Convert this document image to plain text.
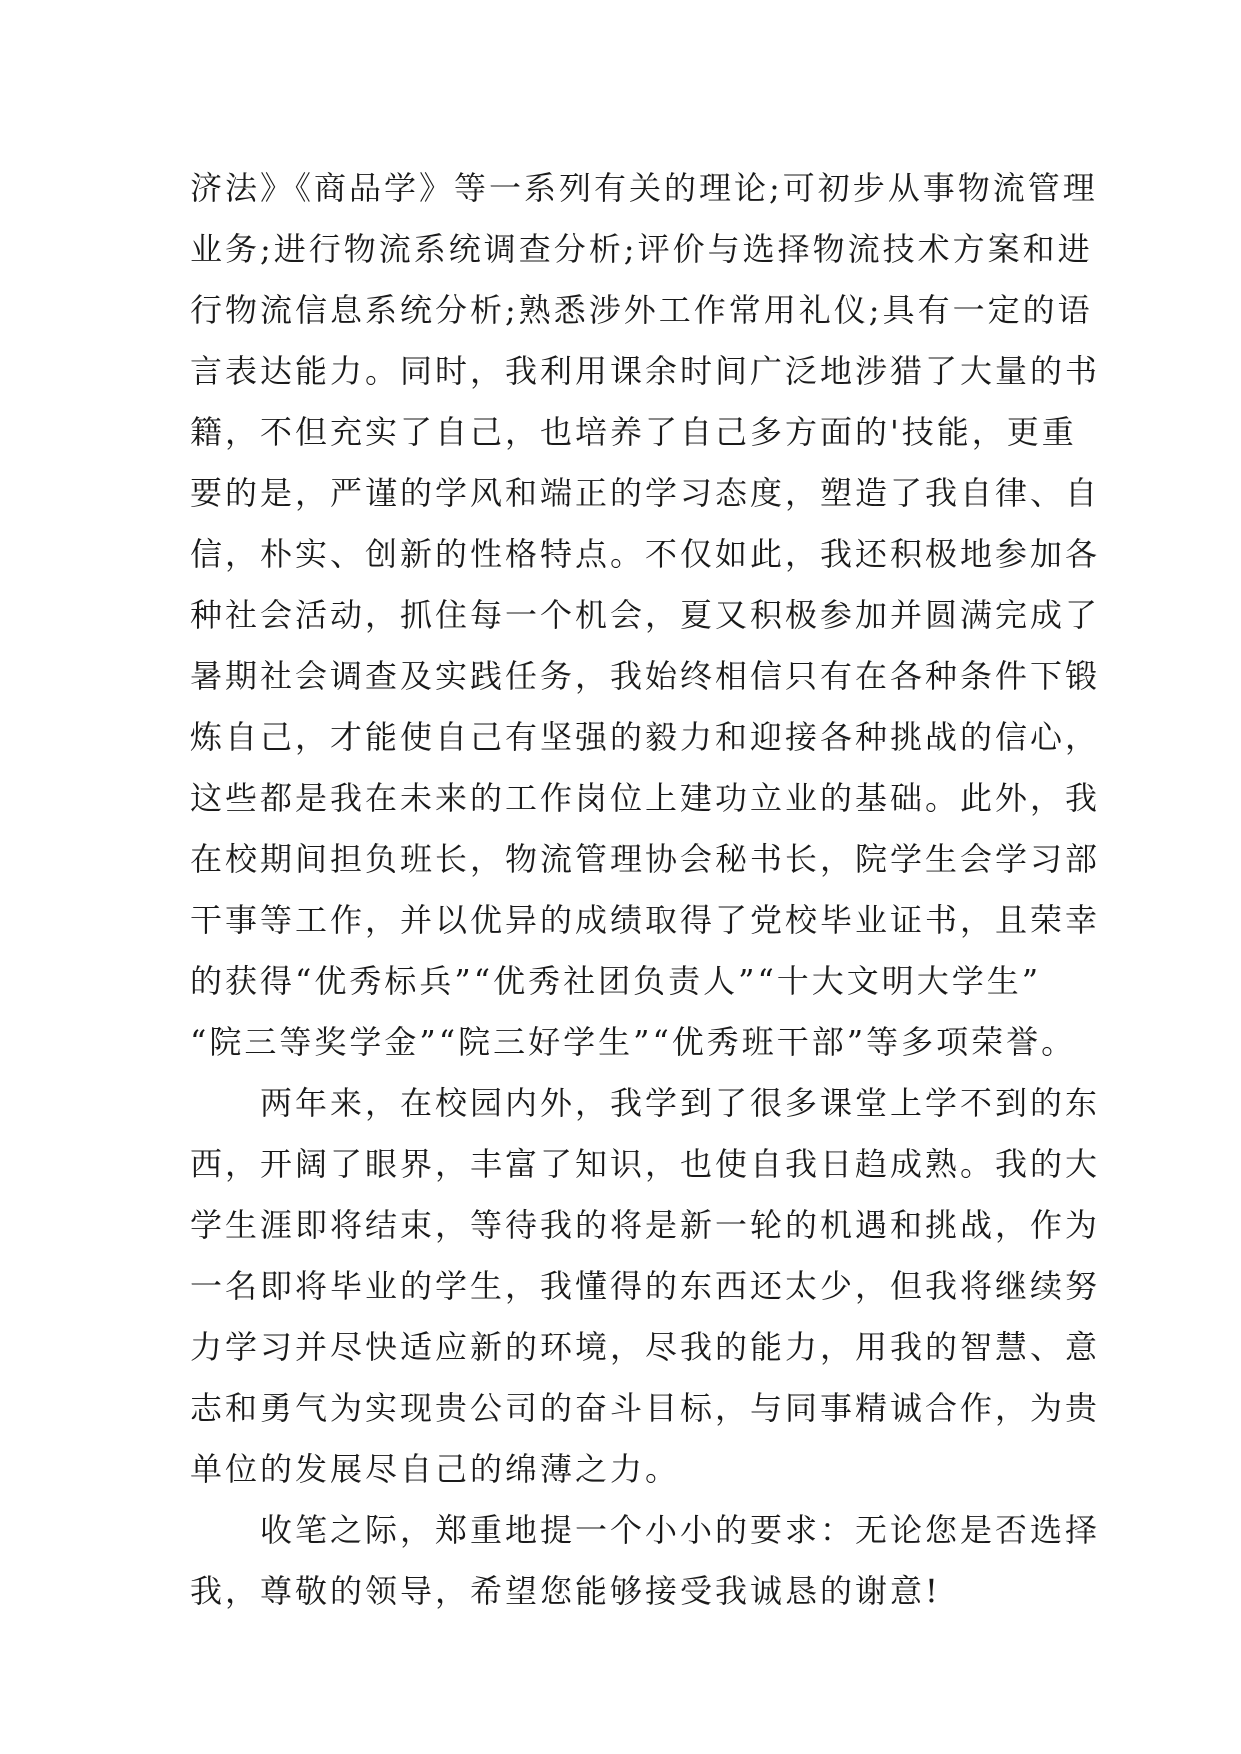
济法》《商品学》等一系列有关的理论;可初步从事物流管理
业务;进行物流系统调查分析;评价与选择物流技术方案和进
行物流信息系统分析;熟悉涉外工作常用礼仪;具有一定的语
言表达能力。同时，我利用课余时间广泛地涉猎了大量的书
籍，不但充实了自己，也培养了自己多方面的'技能，更重
要的是，严谨的学风和端正的学习态度，塑造了我自律、自
信，朴实、创新的性格特点。不仅如此，我还积极地参加各
种社会活动，抓住每一个机会，夏又积极参加并圆满完成了
暑期社会调查及实践任务，我始终相信只有在各种条件下锻
炼自己，才能使自己有坚强的毅力和迎接各种挑战的信心，
这些都是我在未来的工作岗位上建功立业的基础。此外，我
在校期间担负班长，物流管理协会秘书长，院学生会学习部
干事等工作，并以优异的成绩取得了党校毕业证书，且荣幸
的获得“优秀标兵”“优秀社团负责人”“十大文明大学生”
“院三等奖学金”“院三好学生”“优秀班干部”等多项荣誉。
两年来，在校园内外，我学到了很多课堂上学不到的东
西，开阔了眼界，丰富了知识，也使自我日趋成熟。我的大
学生涯即将结束，等待我的将是新一轮的机遇和挑战，作为
一名即将毕业的学生，我懂得的东西还太少，但我将继续努
力学习并尽快适应新的环境，尽我的能力，用我的智慧、意
志和勇气为实现贵公司的奋斗目标，与同事精诚合作，为贵
单位的发展尽自己的绵薄之力。
收笔之际，郑重地提一个小小的要求：无论您是否选择
我，尊敬的领导，希望您能够接受我诚恳的谢意!
